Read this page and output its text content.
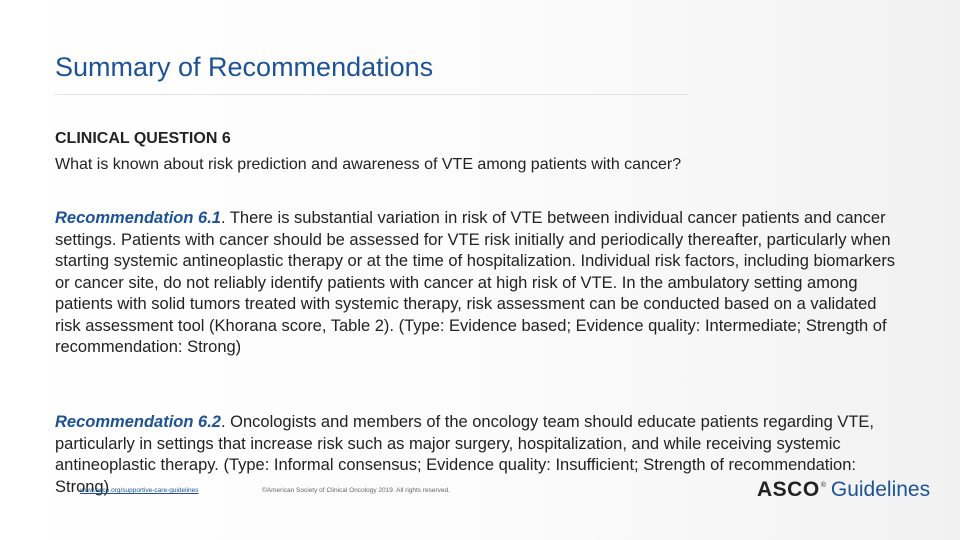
Summary of Recommendations
CLINICAL QUESTION 6
What is known about risk prediction and awareness of VTE among patients with cancer?

Recommendation 6.1. There is substantial variation in risk of VTE between individual cancer patients and cancer settings. Patients with cancer should be assessed for VTE risk initially and periodically thereafter, particularly when starting systemic antineoplastic therapy or at the time of hospitalization. Individual risk factors, including biomarkers or cancer site, do not reliably identify patients with cancer at high risk of VTE. In the ambulatory setting among patients with solid tumors treated with systemic therapy, risk assessment can be conducted based on a validated risk assessment tool (Khorana score, Table 2). (Type: Evidence based; Evidence quality: Intermediate; Strength of recommendation: Strong)

Recommendation 6.2. Oncologists and members of the oncology team should educate patients regarding VTE, particularly in settings that increase risk such as major surgery, hospitalization, and while receiving systemic antineoplastic therapy. (Type: Informal consensus; Evidence quality: Insufficient; Strength of recommendation: Strong)

www.asco.org/supportive-care-guidelines	©American Society of Clinical Oncology 2019. All rights reserved.	ASCO ® Guidelines
